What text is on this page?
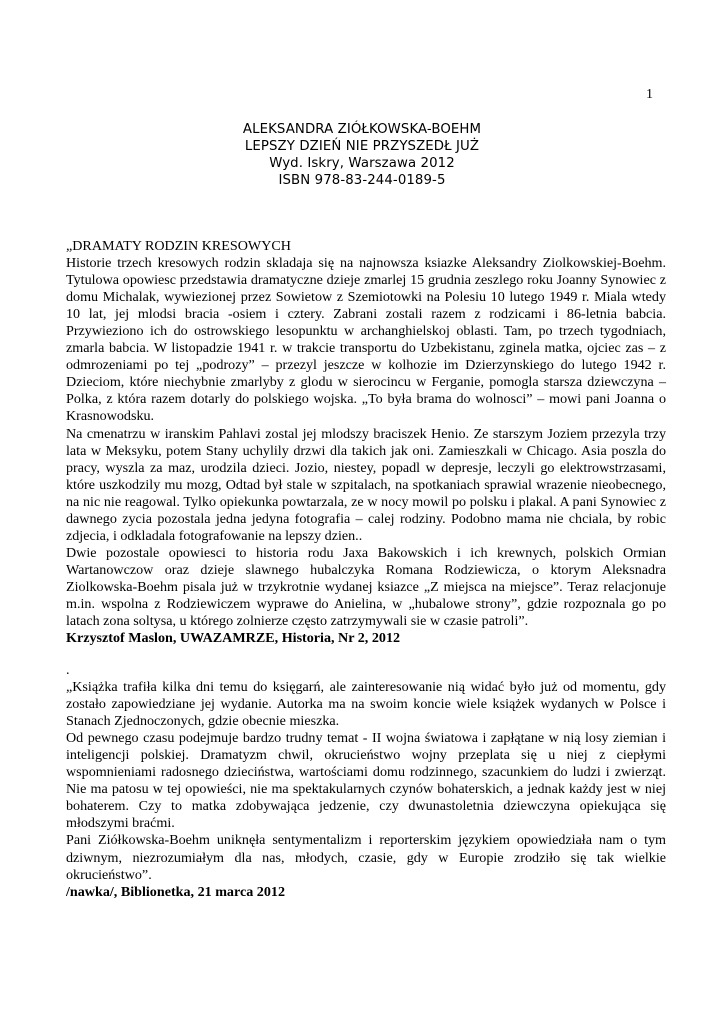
1
ALEKSANDRA ZIÓŁKOWSKA-BOEHM
LEPSZY DZIEŃ NIE PRZYSZEDŁ JUŻ
Wyd. Iskry, Warszawa 2012
ISBN 978-83-244-0189-5

„DRAMATY RODZIN KRESOWYCH

Historie trzech kresowych rodzin skladaja się na najnowsza ksiazke Aleksandry Ziolkowskiej-Boehm. Tytulowa opowiesc przedstawia dramatyczne dzieje zmarlej 15 grudnia zeszlego roku Joanny Synowiec z domu Michalak, wywiezionej przez Sowietow z Szemiotowki na Polesiu 10 lutego 1949 r. Miala wtedy 10 lat, jej mlodsi bracia -osiem i cztery. Zabrani zostali razem z rodzicami i 86-letnia babcia. Przywieziono ich do ostrowskiego lesopunktu w archanghielskoj oblasti. Tam, po trzech tygodniach, zmarla babcia. W listopadzie 1941 r. w trakcie transportu do Uzbekistanu, zginela matka, ojciec zas – z odmrozeniami po tej „podrozy” – przezyl jeszcze w kolhozie im Dzierzynskiego do lutego 1942 r. Dzieciom, które niechybnie zmarlyby z glodu w sierocincu w Ferganie, pomogla starsza dziewczyna – Polka, z którа razem dotarly do polskiego wojska. „To była brama do wolnosci” – mowi pani Joanna o Krasnowodsku.

Na cmenatrzu w iranskim Pahlavi zostal jej mlodszy braciszek Henio. Ze starszym Joziem przezyla trzy lata w Meksyku, potem Stany uchylily drzwi dla takich jak oni. Zamieszkali w Chicago. Asia poszla do pracy, wyszla za maz, urodzila dzieci. Jozio, niestey, popadl w depresje, leczyli go elektrowstrzasami, które uszkodzily mu mozg, Odtad był stale w szpitalach, na spotkaniach sprawial wrazenie nieobecnego, na nic nie reagowal. Tylko opiekunka powtarzala, ze w nocy mowil po polsku i plakal. A pani Synowiec z dawnego zycia pozostala jedna jedyna fotografia – calej rodziny. Podobno mama nie chciala, by robic zdjecia, i odkladala fotografowanie na lepszy dzien..

Dwie pozostale opowiesci to historia rodu Jaxa Bakowskich i ich krewnych, polskich Ormian Wartanowczow oraz dzieje slawnego hubalczyka Romana Rodziewicza, o ktorym Aleksnadra Ziolkowska-Boehm pisala już w trzykrotnie wydanej ksiazce „Z miejsca na miejsce”. Teraz relacjonuje m.in. wspolna z Rodziewiczem wyprawe do Anielina, w „hubalowe strony”, gdzie rozpoznala go po latach zona soltysa, u którego zolnierze często zatrzymywali sie w czasie patroli”.

Krzysztof Maslon, UWAZAMRZE, Historia, Nr 2, 2012

.

„Książka trafiła kilka dni temu do księgarń, ale zainteresowanie nią widać było już od momentu, gdy zostało zapowiedziane jej wydanie. Autorka ma na swoim koncie wiele książek wydanych w Polsce i Stanach Zjednoczonych, gdzie obecnie mieszka.

Od pewnego czasu podejmuje bardzo trudny temat - II wojna światowa i zapłątane w nią losy ziemian i inteligencji polskiej. Dramatyzm chwil, okrucieństwo wojny przeplata się u niej z ciepłymi wspomnieniami radosnego dzieciństwa, wartościami domu rodzinnego, szacunkiem do ludzi i zwierząt. Nie ma patosu w tej opowieści, nie ma spektakularnych czynów bohaterskich, a jednak każdy jest w niej bohaterem. Czy to matka zdobywająca jedzenie, czy dwunastoletnia dziewczyna opiekująca się młodszymi braćmi.

Pani Ziółkowska-Boehm uniknęła sentymentalizm i reporterskim językiem opowiedziała nam o tym dziwnym, niezrozumiałym dla nas, młodych, czasie, gdy w Europie zrodziło się tak wielkie okrucieństwo”.

/nawka/, Biblionetka, 21 marca 2012
